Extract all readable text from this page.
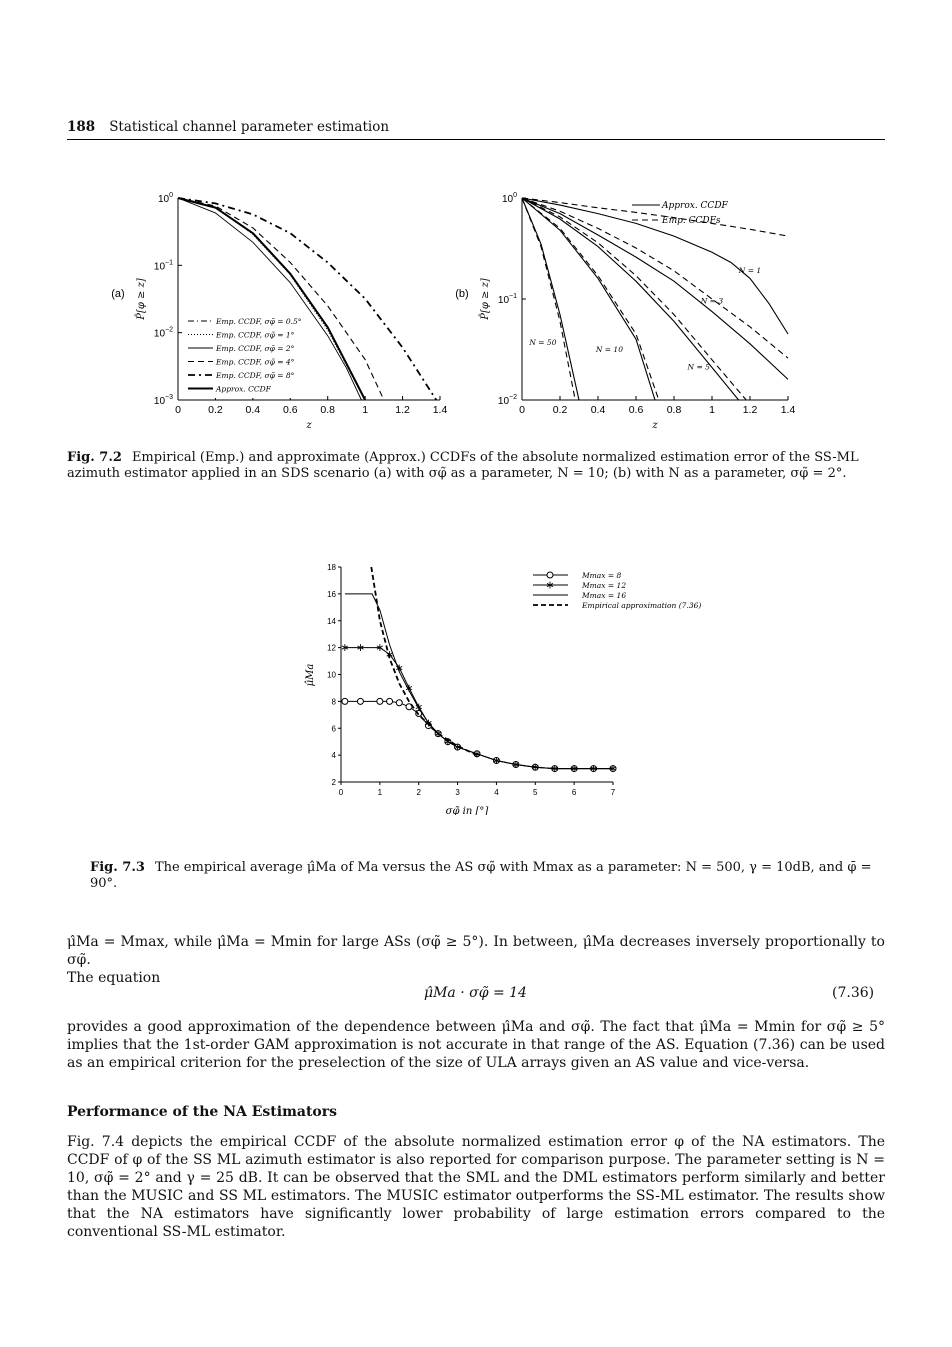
188 Statistical channel parameter estimation
0	0.2 0.4 0.6 0.8	1	1.2 1.4
$10^0$
$10^{-1}$
$10^{-2}$
$10^{-3}$
z
P̂[φ ≥ z]
(a)
Emp. CCDF, σφ̃ = 0.5°
Emp. CCDF, σφ̃ = 1°
Emp. CCDF, σφ̃ = 2°
Emp. CCDF, σφ̃ = 4°
Emp. CCDF, σφ̃ = 8°
Approx. CCDF
0	0.2 0.4 0.6 0.8	1	1.2 1.4
$10^0$
$10^{-1}$
$10^{-2}$
z
P̂[φ ≥ z]
(b)
Approx. CCDF
Emp. CCDFs
N = 1
N = 3
N = 5
N = 10
N = 50
Fig. 7.2 Empirical (Emp.) and approximate (Approx.) CCDFs of the absolute normalized estimation error of the SS-ML azimuth estimator applied in an SDS scenario (a) with σφ̃ as a parameter, N = 10; (b) with N as a parameter, σφ̃ = 2°.
0	1	2	3	4	5	6	7
2
4
6
8
10
12
14
16
18
∗ ∗ ∗
∗
∗
∗
∗
∗
∗
∗ ∗
∗
∗ ∗ ∗ ∗ ∗ ∗ ∗
σφ̃ in [°]
μ̂Ma
Mmax = 8
∗	Mmax = 12
Mmax = 16
Empirical approximation (7.36)
Fig. 7.3 The empirical average μ̂Ma of Ma versus the AS σφ̃ with Mmax as a parameter: N = 500, γ = 10dB, and φ̄ = 90°.
μ̂Ma = Mmax, while μ̂Ma = Mmin for large ASs (σφ̃ ≥ 5°). In between, μ̂Ma decreases inversely proportionally to σφ̃.
The equation
μ̂Ma · σφ̃ = 14	(7.36)
provides a good approximation of the dependence between μ̂Ma and σφ̃. The fact that μ̂Ma = Mmin for σφ̃ ≥ 5° implies that the 1st-order GAM approximation is not accurate in that range of the AS. Equation (7.36) can be used as an empirical criterion for the preselection of the size of ULA arrays given an AS value and vice-versa.
Performance of the NA Estimators
Fig. 7.4 depicts the empirical CCDF of the absolute normalized estimation error φ of the NA estimators. The CCDF of φ of the SS ML azimuth estimator is also reported for comparison purpose. The parameter setting is N = 10, σφ̃ = 2° and γ = 25 dB. It can be observed that the SML and the DML estimators perform similarly and better than the MUSIC and SS ML estimators. The MUSIC estimator outperforms the SS-ML estimator. The results show that the NA estimators have significantly lower probability of large estimation errors compared to the conventional SS-ML estimator.
